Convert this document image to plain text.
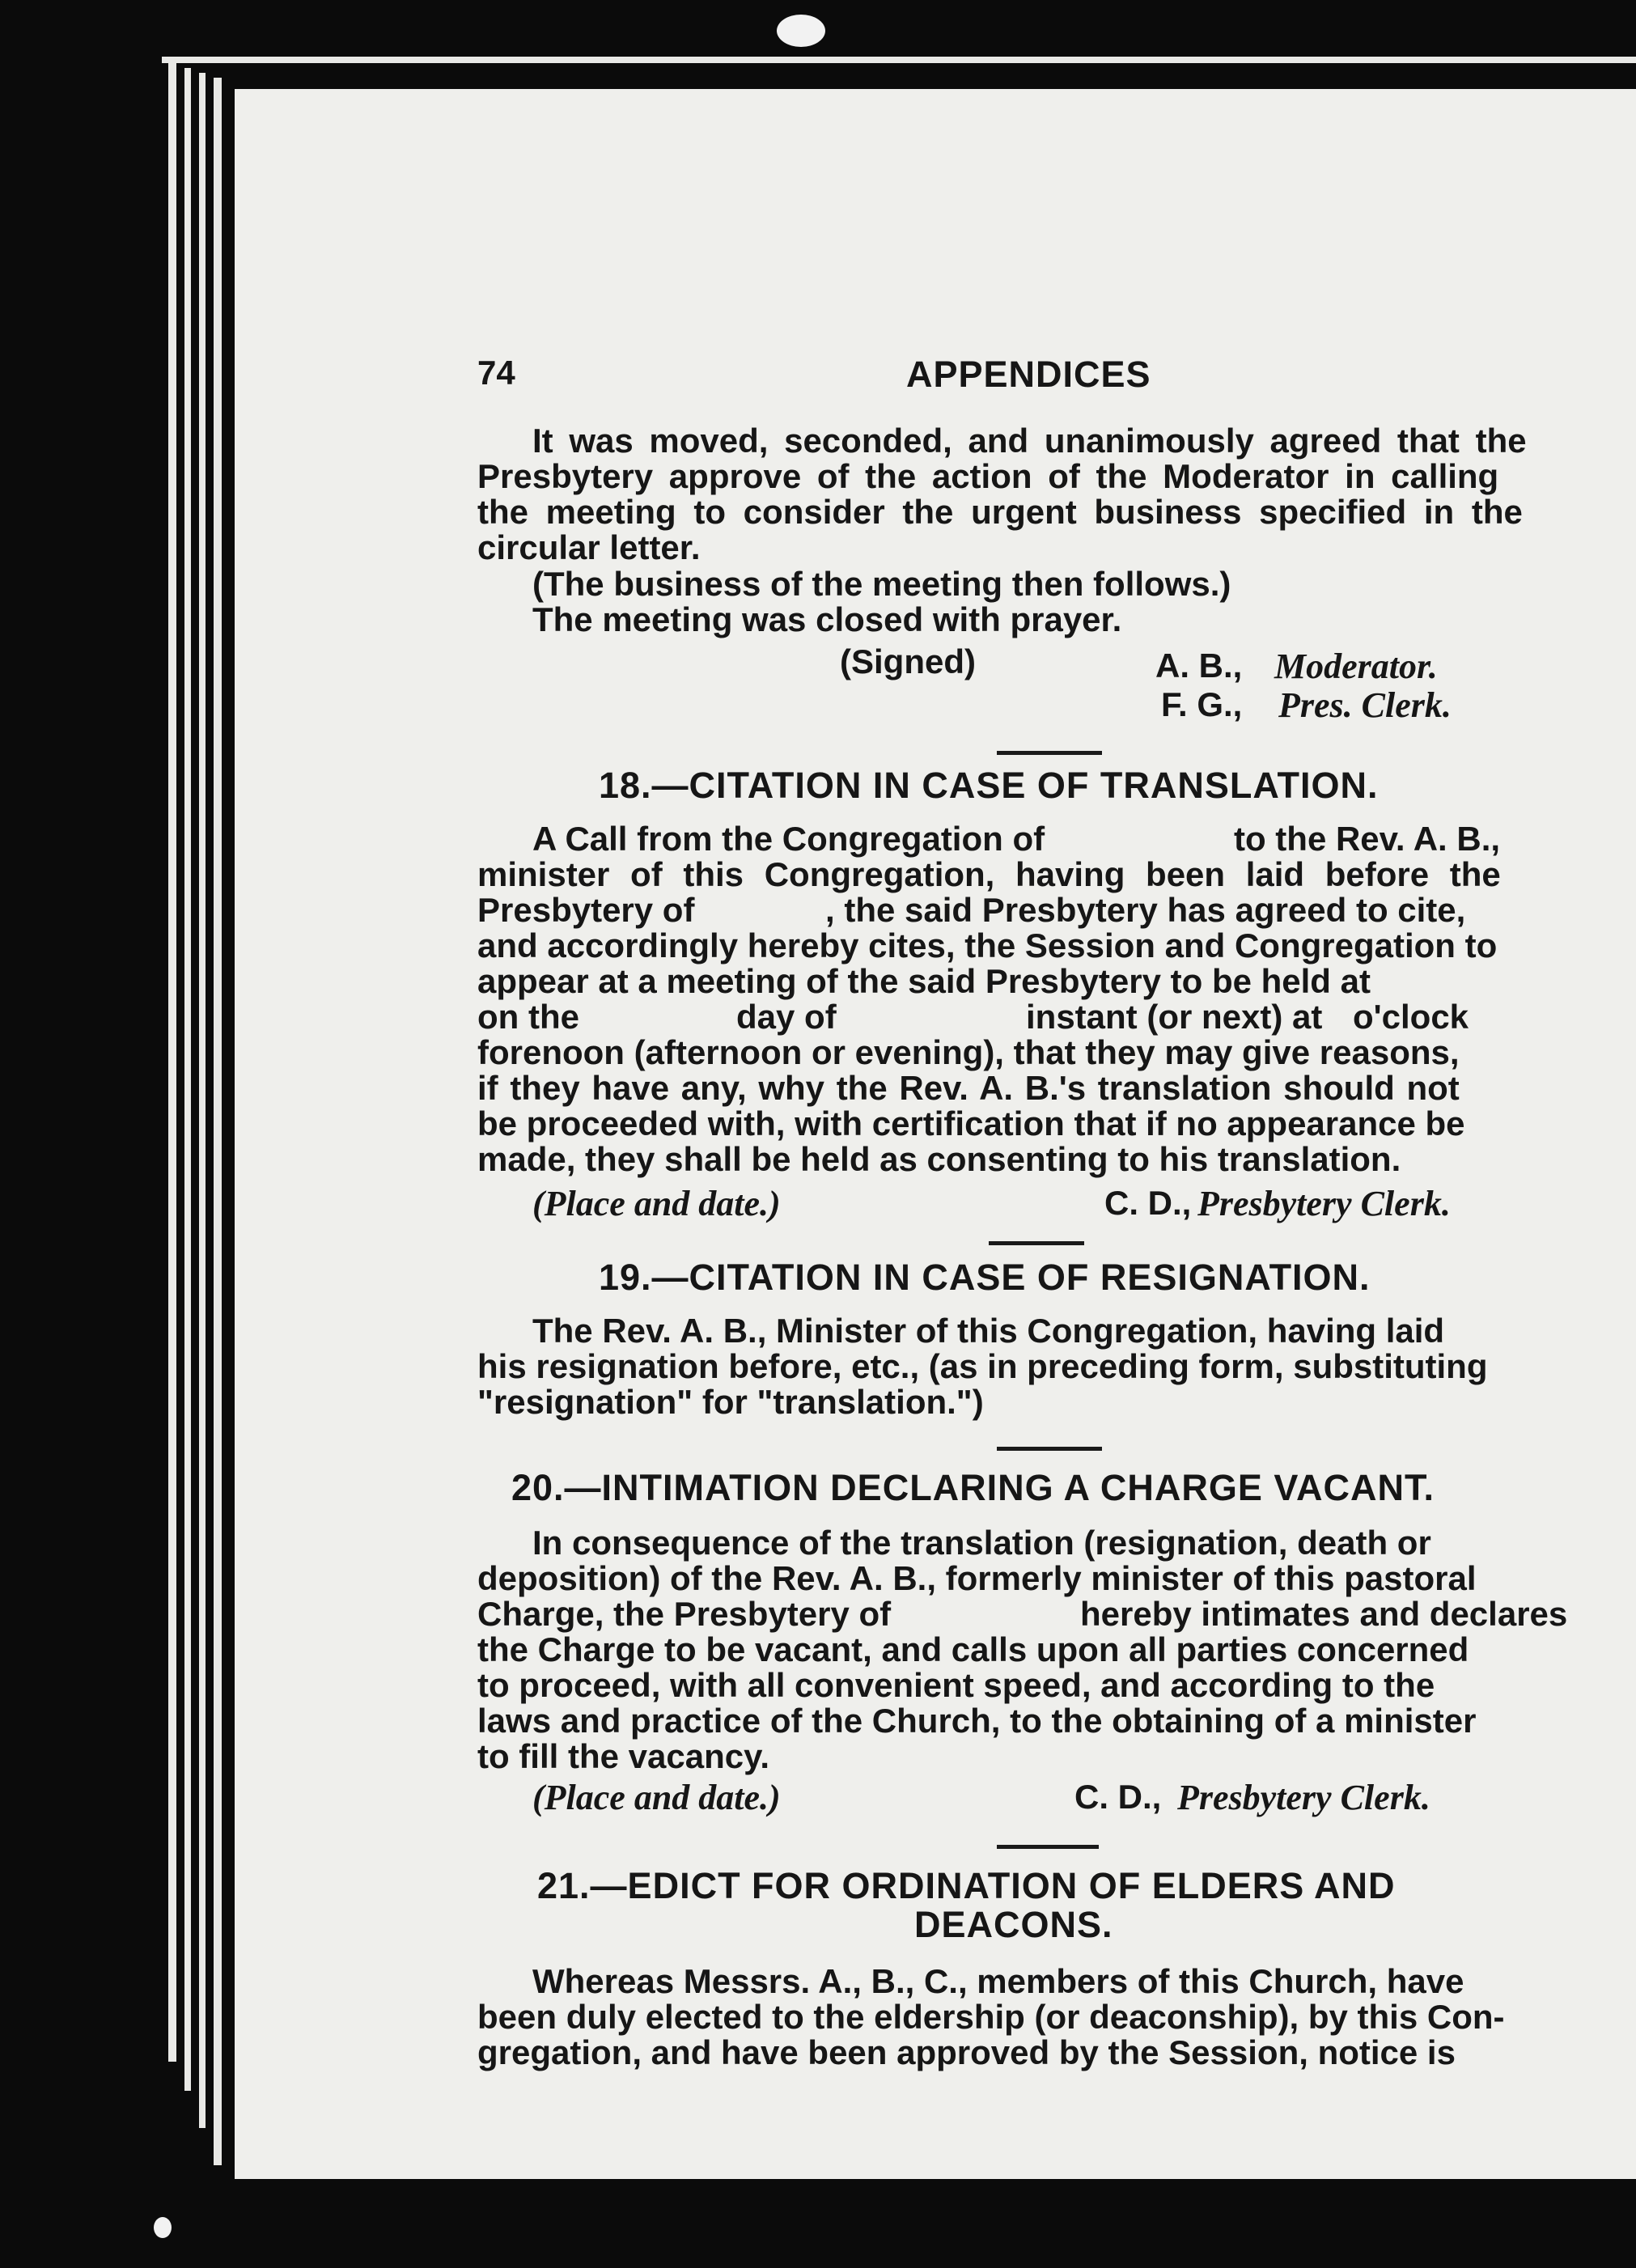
74	APPENDICES
It was moved, seconded, and unanimously agreed that the
Presbytery approve of the action of the Moderator in calling
the meeting to consider the urgent business specified in the
circular letter.
(The business of the meeting then follows.)
The meeting was closed with prayer.
(Signed)	A. B., Moderator.
F. G., Pres. Clerk.
18.—CITATION IN CASE OF TRANSLATION.
A Call from the Congregation of	to the Rev. A. B.,
minister of this Congregation, having been laid before the
Presbytery of	, the said Presbytery has agreed to cite,
and accordingly hereby cites, the Session and Congregation to
appear at a meeting of the said Presbytery to be held at
on the	day of	instant (or next) at o'clock
forenoon (afternoon or evening), that they may give reasons,
if they have any, why the Rev. A. B.'s translation should not
be proceeded with, with certification that if no appearance be
made, they shall be held as consenting to his translation.
(Place and date.)	C. D., Presbytery Clerk.
19.—CITATION IN CASE OF RESIGNATION.
The Rev. A. B., Minister of this Congregation, having laid
his resignation before, etc., (as in preceding form, substituting
"resignation" for "translation.")
20.—INTIMATION DECLARING A CHARGE VACANT.
In consequence of the translation (resignation, death or
deposition) of the Rev. A. B., formerly minister of this pastoral
Charge, the Presbytery of	hereby intimates and declares
the Charge to be vacant, and calls upon all parties concerned
to proceed, with all convenient speed, and according to the
laws and practice of the Church, to the obtaining of a minister
to fill the vacancy.
(Place and date.)	C. D., Presbytery Clerk.
21.—EDICT FOR ORDINATION OF ELDERS AND
DEACONS.
Whereas Messrs. A., B., C., members of this Church, have
been duly elected to the eldership (or deaconship), by this Con-
gregation, and have been approved by the Session, notice is
